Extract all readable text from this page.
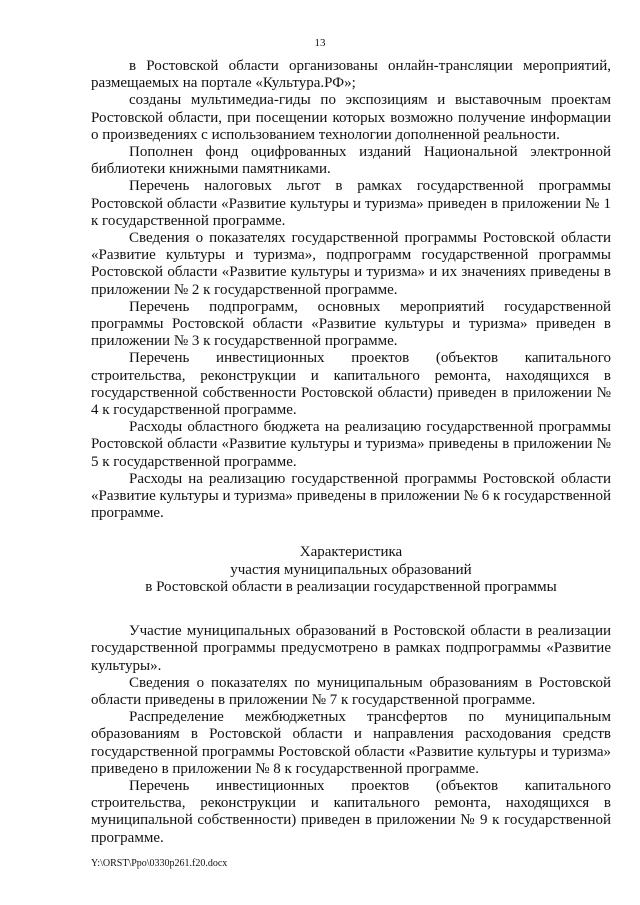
13

в Ростовской области организованы онлайн-трансляции мероприятий, размещаемых на портале «Культура.РФ»;

созданы мультимедиа-гиды по экспозициям и выставочным проектам Ростовской области, при посещении которых возможно получение информации о произведениях с использованием технологии дополненной реальности.

Пополнен фонд оцифрованных изданий Национальной электронной библиотеки книжными памятниками.

Перечень налоговых льгот в рамках государственной программы Ростовской области «Развитие культуры и туризма» приведен в приложении № 1 к государственной программе.

Сведения о показателях государственной программы Ростовской области «Развитие культуры и туризма», подпрограмм государственной программы Ростовской области «Развитие культуры и туризма» и их значениях приведены в приложении № 2 к государственной программе.

Перечень подпрограмм, основных мероприятий государственной программы Ростовской области «Развитие культуры и туризма» приведен в приложении № 3 к государственной программе.

Перечень инвестиционных проектов (объектов капитального строительства, реконструкции и капитального ремонта, находящихся в государственной собственности Ростовской области) приведен в приложении № 4 к государственной программе.

Расходы областного бюджета на реализацию государственной программы Ростовской области «Развитие культуры и туризма» приведены в приложении № 5 к государственной программе.

Расходы на реализацию государственной программы Ростовской области «Развитие культуры и туризма» приведены в приложении № 6 к государственной программе.

Характеристика
участия муниципальных образований
в Ростовской области в реализации государственной программы

Участие муниципальных образований в Ростовской области в реализации государственной программы предусмотрено в рамках подпрограммы «Развитие культуры».

Сведения о показателях по муниципальным образованиям в Ростовской области приведены в приложении № 7 к государственной программе.

Распределение межбюджетных трансфертов по муниципальным образованиям в Ростовской области и направления расходования средств государственной программы Ростовской области «Развитие культуры и туризма» приведено в приложении № 8 к государственной программе.

Перечень инвестиционных проектов (объектов капитального строительства, реконструкции и капитального ремонта, находящихся в муниципальной собственности) приведен в приложении № 9 к государственной программе.

Y:\ORST\Ppo\0330p261.f20.docx
